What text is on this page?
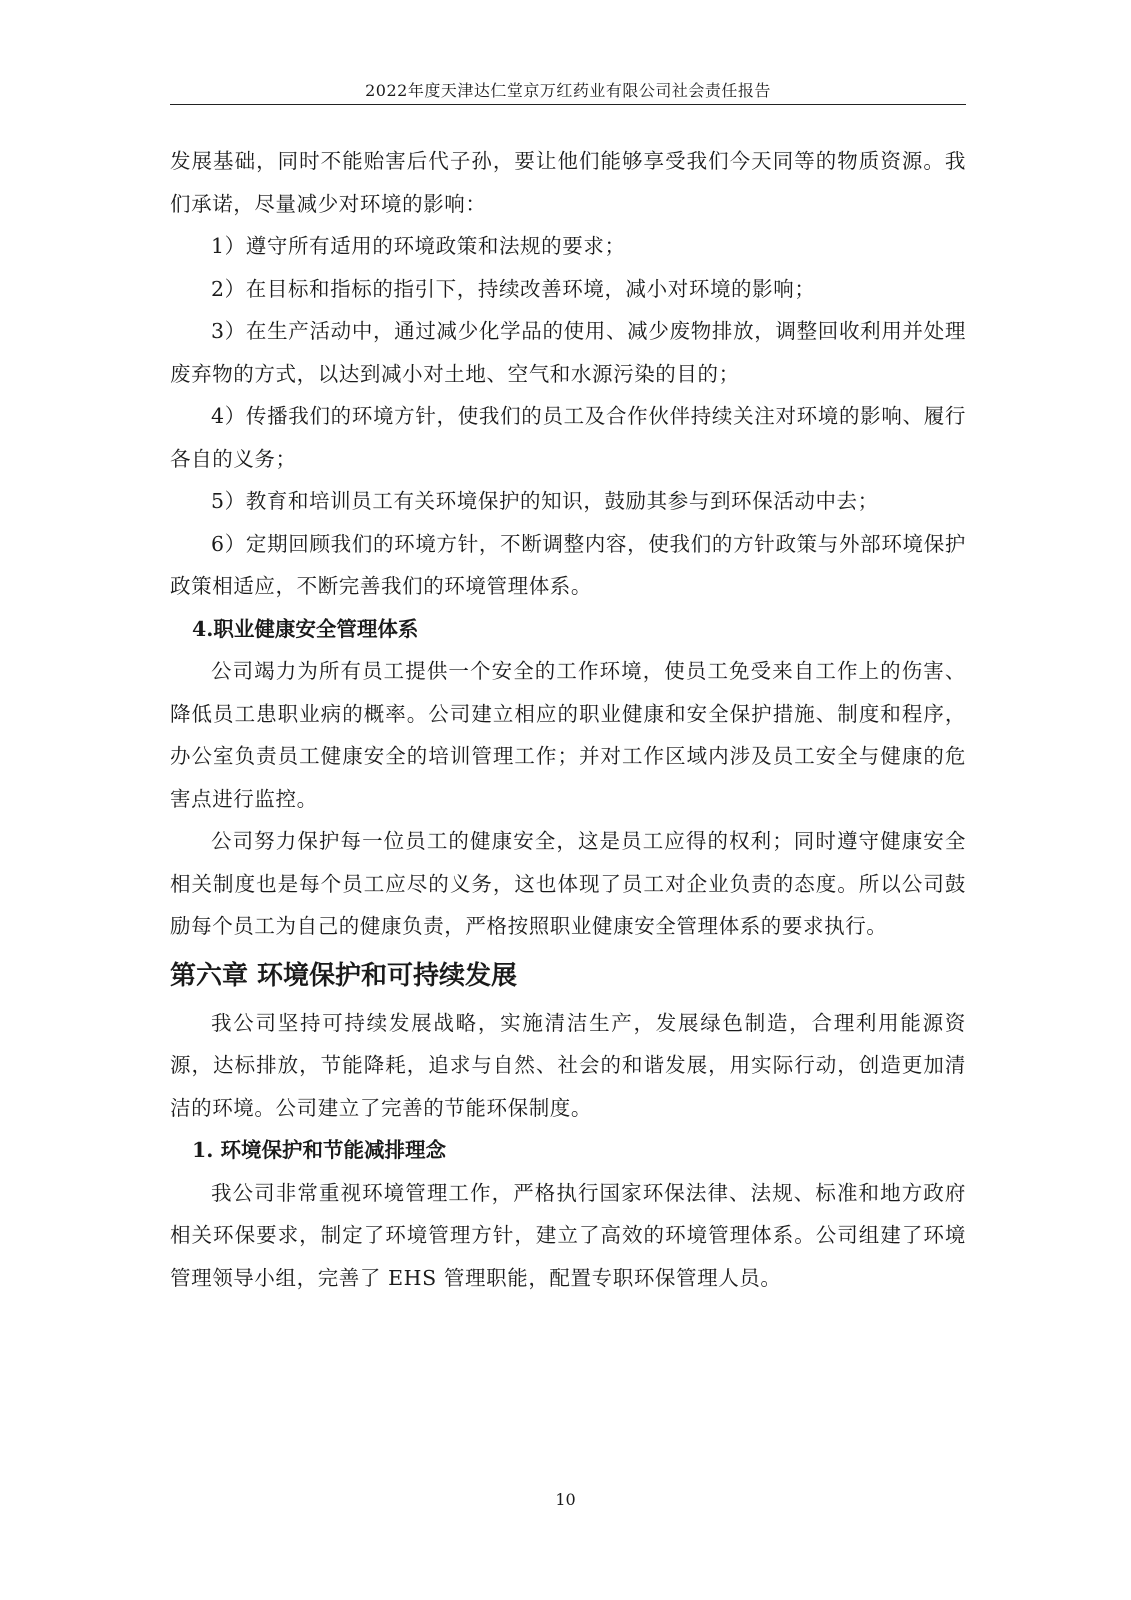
2022年度天津达仁堂京万红药业有限公司社会责任报告

发展基础，同时不能贻害后代子孙，要让他们能够享受我们今天同等的物质资源。我们承诺，尽量减少对环境的影响：

1）遵守所有适用的环境政策和法规的要求；

2）在目标和指标的指引下，持续改善环境，减小对环境的影响；

3）在生产活动中，通过减少化学品的使用、减少废物排放，调整回收利用并处理废弃物的方式，以达到减小对土地、空气和水源污染的目的；

4）传播我们的环境方针，使我们的员工及合作伙伴持续关注对环境的影响、履行各自的义务；

5）教育和培训员工有关环境保护的知识，鼓励其参与到环保活动中去；

6）定期回顾我们的环境方针，不断调整内容，使我们的方针政策与外部环境保护政策相适应，不断完善我们的环境管理体系。

4.职业健康安全管理体系

公司竭力为所有员工提供一个安全的工作环境，使员工免受来自工作上的伤害、降低员工患职业病的概率。公司建立相应的职业健康和安全保护措施、制度和程序，办公室负责员工健康安全的培训管理工作；并对工作区域内涉及员工安全与健康的危害点进行监控。

公司努力保护每一位员工的健康安全，这是员工应得的权利；同时遵守健康安全相关制度也是每个员工应尽的义务，这也体现了员工对企业负责的态度。所以公司鼓励每个员工为自己的健康负责，严格按照职业健康安全管理体系的要求执行。

第六章 环境保护和可持续发展

我公司坚持可持续发展战略，实施清洁生产，发展绿色制造，合理利用能源资源，达标排放，节能降耗，追求与自然、社会的和谐发展，用实际行动，创造更加清洁的环境。公司建立了完善的节能环保制度。

1. 环境保护和节能减排理念

我公司非常重视环境管理工作，严格执行国家环保法律、法规、标准和地方政府相关环保要求，制定了环境管理方针，建立了高效的环境管理体系。公司组建了环境管理领导小组，完善了 EHS 管理职能，配置专职环保管理人员。

10
